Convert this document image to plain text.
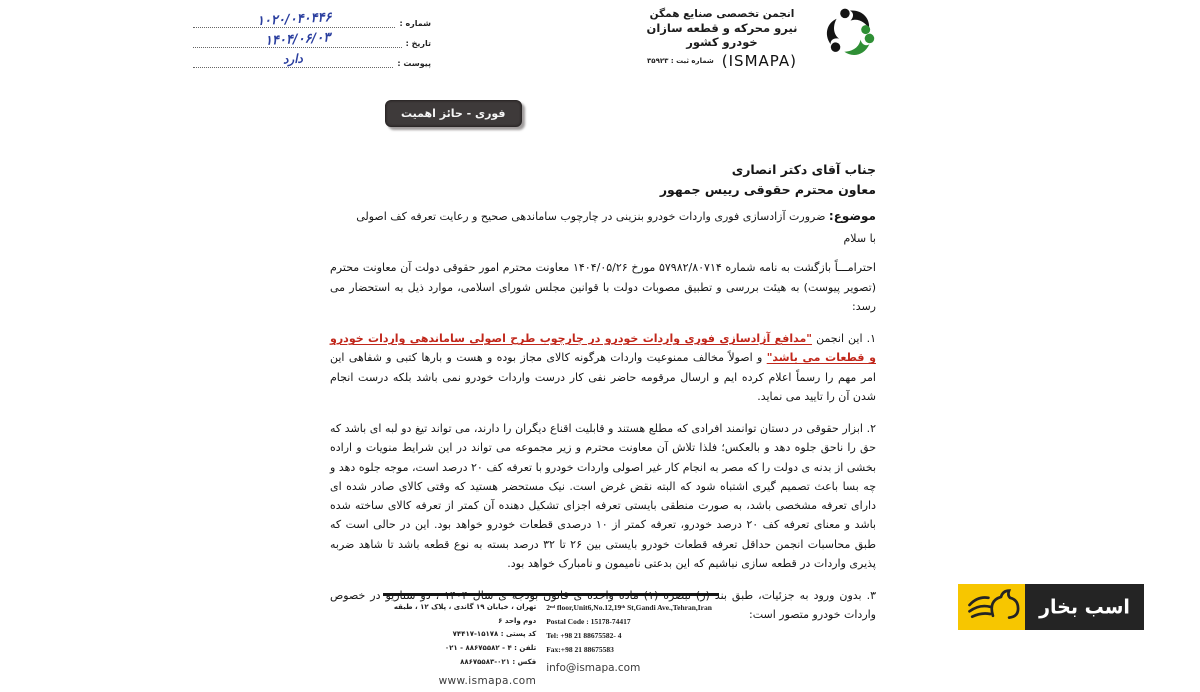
شماره :
۱۰۲۰/۰۴۰۴۴۶
تاریخ :
۱۴۰۴/۰۶/۰۳
پیوست :
دارد
انجمن تخصصی صنایع همگن
نیرو محرکه و قطعه سازان خودرو کشور
(ISMAPA)
شماره ثبت : ۳۵۹۲۳
فوری - حائز اهمیت
جناب آقای دکتر انصاری
معاون محترم حقوقی رییس جمهور
موضوع: ضرورت آزادسازی فوری واردات خودرو بنزینی در چارچوب ساماندهی صحیح و رعایت تعرفه کف اصولی
با سلام

احترامـــاً بازگشت به نامه شماره ۵۷۹۸۲/۸۰۷۱۴ مورخ ۱۴۰۴/۰۵/۲۶ معاونت محترم امور حقوقی دولت آن معاونت محترم (تصویر پیوست) به هیئت بررسی و تطبیق مصوبات دولت با قوانین مجلس شورای اسلامی، موارد ذیل به استحضار می رسد:

۱. این انجمن "مدافع آزادسازی فوری واردات خودرو در چارچوب طرح اصولی ساماندهی واردات خودرو و قطعات می باشد" و اصولاً مخالف ممنوعیت واردات هرگونه کالای مجاز بوده و هست و بارها کتبی و شفاهی این امر مهم را رسماً اعلام کرده ایم و ارسال مرقومه حاضر نفی کار درست واردات خودرو نمی باشد بلکه درست انجام شدن آن را تایید می نماید.

۲. ابزار حقوقی در دستان توانمند افرادی که مطلع هستند و قابلیت اقناع دیگران را دارند، می تواند تیغ دو لبه ای باشد که حق را ناحق جلوه دهد و بالعکس؛ فلذا تلاش آن معاونت محترم و زیر مجموعه می تواند در این شرایط منویات و اراده بخشی از بدنه ی دولت را که مصر به انجام کار غیر اصولی واردات خودرو با تعرفه کف ۲۰ درصد است، موجه جلوه دهد و چه بسا باعث تصمیم گیری اشتباه شود که البته نقض غرض است. نیک مستحضر هستید که وقتی کالای صادر شده ای دارای تعرفه مشخصی باشد، به صورت منطقی بایستی تعرفه اجزای تشکیل دهنده آن کمتر از تعرفه کالای ساخته شده باشد و معنای تعرفه کف ۲۰ درصد خودرو، تعرفه کمتر از ۱۰ درصدی قطعات خودرو خواهد بود. این در حالی است که طبق محاسبات انجمن حداقل تعرفه قطعات خودرو بایستی بین ۲۶ تا ۳۲ درصد بسته به نوع قطعه باشد تا شاهد ضربه پذیری واردات در قطعه سازی نباشیم که این بدعتی نامیمون و نامبارک خواهد بود.

۳. بدون ورود به جزئیات، طبق بند (ر) تبصره (۱) ماده واحده ی قانون بودجه ی سال ۱۴۰۴ ، دو سناریو در خصوص واردات خودرو متصور است:

تهران ، خیابان ۱۹ گاندی ، پلاک ۱۲ ، طبقه دوم واحد ۶
کد پستی : ۱۵۱۷۸-۷۴۴۱۷
تلفن : ۴ - ۸۸۶۷۵۵۸۲ - ۰۲۱
فکس : ۰۲۱-۸۸۶۷۵۵۸۳
www.ismapa.com
2ⁿᵈ floor,Unit6,No.12,19ᵗʰ St,Gandi Ave.,Tehran,Iran
Postal Code : 15178-74417
Tel: +98 21 88675582- 4
Fax:+98 21 88675583
info@ismapa.com
اسب بخار
